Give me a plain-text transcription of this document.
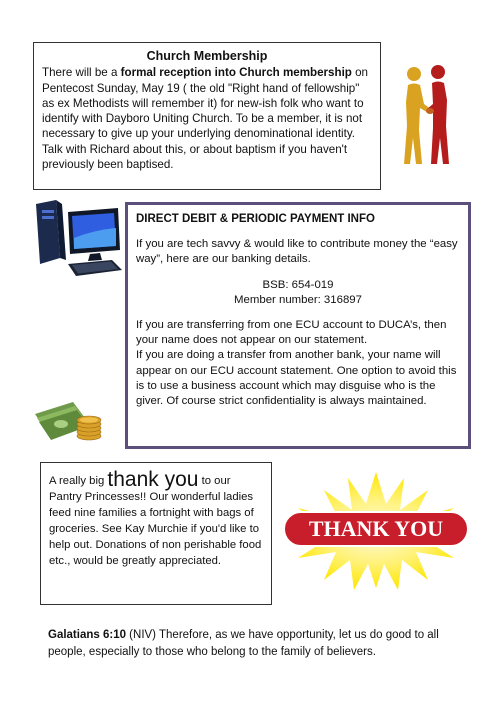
Church Membership
There will be a formal reception into Church membership on Pentecost Sunday, May 19 ( the old "Right hand of fellowship" as ex Methodists will remember it) for new-ish folk who want to identify with Dayboro Uniting Church. To be a member, it is not necessary to give up your underlying denominational identity. Talk with Richard about this, or about baptism if you haven't previously been baptised.
DIRECT DEBIT & PERIODIC PAYMENT INFO

If you are tech savvy & would like to contribute money the “easy way”, here are our banking details.

BSB: 654-019
Member number: 316897

If you are transferring from one ECU account to DUCA’s, then your name does not appear on our statement.

If you are doing a transfer from another bank, your name will appear on our ECU account statement. One option to avoid this is to use a business account which may disguise who is the giver. Of course strict confidentiality is always maintained.

A really big thank you to our Pantry Princesses!! Our wonderful ladies feed nine families a fortnight with bags of groceries. See Kay Murchie if you'd like to help out. Donations of non perishable food etc., would be greatly appreciated.
THANK YOU
Galatians 6:10 (NIV) Therefore, as we have opportunity, let us do good to all people, especially to those who belong to the family of believers.
